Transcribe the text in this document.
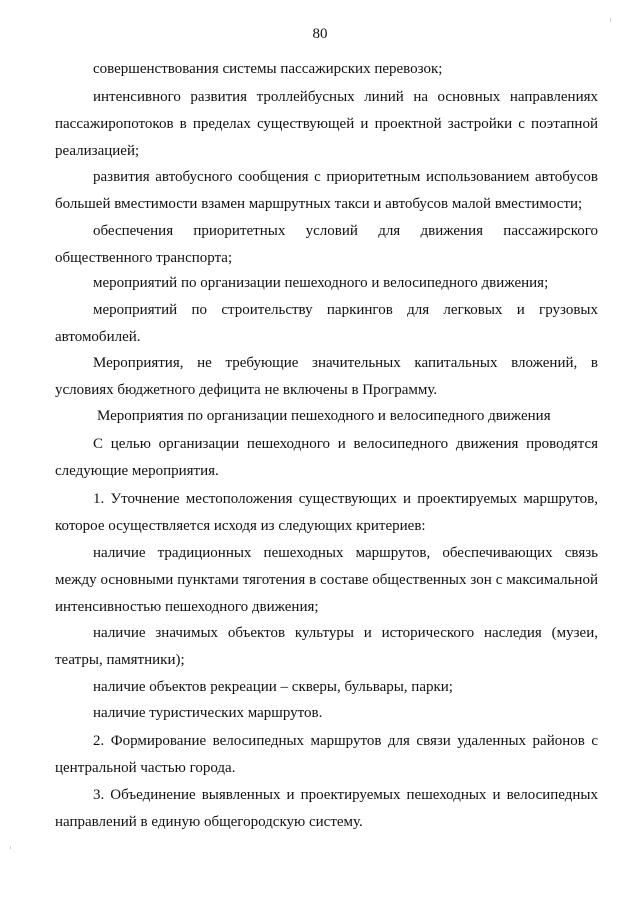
80

совершенствования системы пассажирских перевозок;

интенсивного развития троллейбусных линий на основных направлениях пассажиропотоков в пределах существующей и проектной застройки с поэтапной реализацией;

развития автобусного сообщения с приоритетным использованием автобусов большей вместимости взамен маршрутных такси и автобусов малой вместимости;

обеспечения приоритетных условий для движения пассажирского общественного транспорта;

мероприятий по организации пешеходного и велосипедного движения;

мероприятий по строительству паркингов для легковых и грузовых автомобилей.

Мероприятия, не требующие значительных капитальных вложений, в условиях бюджетного дефицита не включены в Программу.

Мероприятия по организации пешеходного и велосипедного движения

С целью организации пешеходного и велосипедного движения проводятся следующие мероприятия.

1. Уточнение местоположения существующих и проектируемых маршрутов, которое осуществляется исходя из следующих критериев:

наличие традиционных пешеходных маршрутов, обеспечивающих связь между основными пунктами тяготения в составе общественных зон с максимальной интенсивностью пешеходного движения;

наличие значимых объектов культуры и исторического наследия (музеи, театры, памятники);

наличие объектов рекреации – скверы, бульвары, парки;

наличие туристических маршрутов.

2. Формирование велосипедных маршрутов для связи удаленных районов с центральной частью города.

3. Объединение выявленных и проектируемых пешеходных и велосипедных направлений в единую общегородскую систему.
